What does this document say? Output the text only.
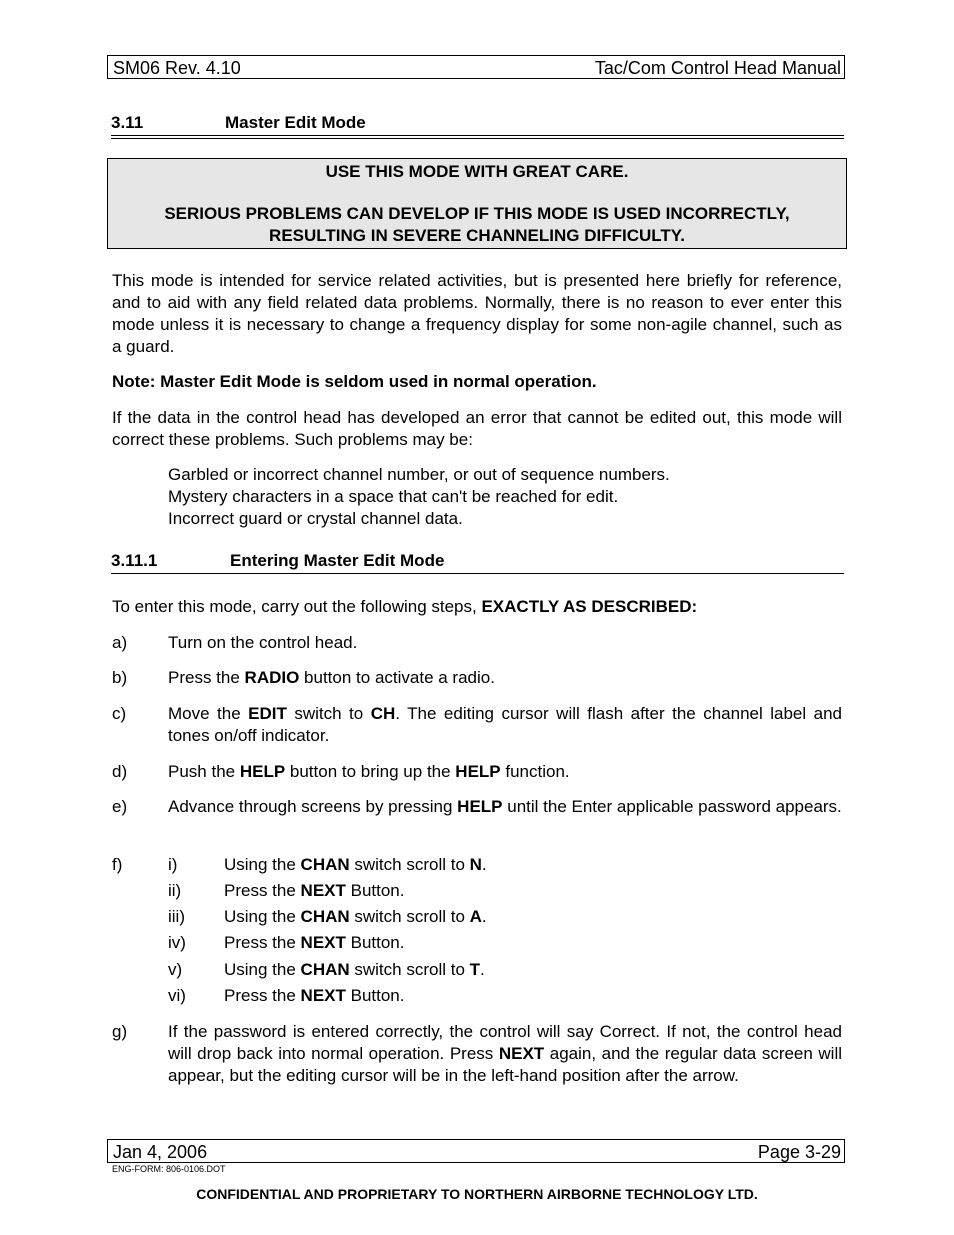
SM06 Rev. 4.10	Tac/Com Control Head Manual
3.11	Master Edit Mode

USE THIS MODE WITH GREAT CARE.

SERIOUS PROBLEMS CAN DEVELOP IF THIS MODE IS USED INCORRECTLY,

RESULTING IN SEVERE CHANNELING DIFFICULTY.

This mode is intended for service related activities, but is presented here briefly for reference, and to aid with any field related data problems. Normally, there is no reason to ever enter this mode unless it is necessary to change a frequency display for some non-agile channel, such as a guard.

Note: Master Edit Mode is seldom used in normal operation.

If the data in the control head has developed an error that cannot be edited out, this mode will correct these problems. Such problems may be:

Garbled or incorrect channel number, or out of sequence numbers.
Mystery characters in a space that can't be reached for edit.
Incorrect guard or crystal channel data.
3.11.1	Entering Master Edit Mode

To enter this mode, carry out the following steps, EXACTLY AS DESCRIBED:

a) Turn on the control head.
b) Press the RADIO button to activate a radio.
c) Move the EDIT switch to CH. The editing cursor will flash after the channel label and tones on/off indicator.
d) Push the HELP button to bring up the HELP function.
e) Advance through screens by pressing HELP until the Enter applicable password appears.
f)	i)	Using the CHAN switch scroll to N.
ii)	Press the NEXT Button.
iii) Using the CHAN switch scroll to A.
iv) Press the NEXT Button.
v) Using the CHAN switch scroll to T.
vi) Press the NEXT Button.
g) If the password is entered correctly, the control will say Correct. If not, the control head will drop back into normal operation. Press NEXT again, and the regular data screen will appear, but the editing cursor will be in the left-hand position after the arrow.
Jan 4, 2006	Page 3-29
ENG-FORM: 806-0106.DOT
CONFIDENTIAL AND PROPRIETARY TO NORTHERN AIRBORNE TECHNOLOGY LTD.
